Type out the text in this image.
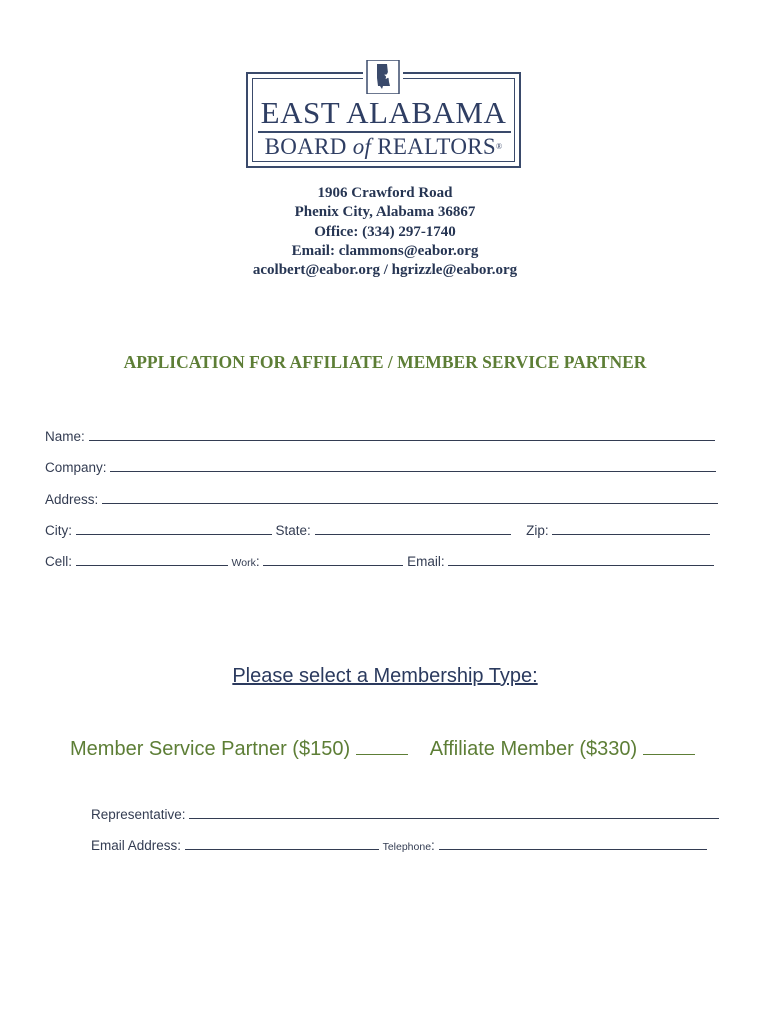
EAST ALABAMA
BOARD of REALTORS®
1906 Crawford Road
Phenix City, Alabama 36867
Office: (334) 297-1740
Email: clammons@eabor.org
acolbert@eabor.org / hgrizzle@eabor.org
APPLICATION FOR AFFILIATE / MEMBER SERVICE PARTNER
Name:
Company:
Address:
City:	State:	Zip:
Cell:	Work:	Email:
Please select a Membership Type:
Member Service Partner ($150)	Affiliate Member ($330)
Representative:
Email Address:	Telephone:
